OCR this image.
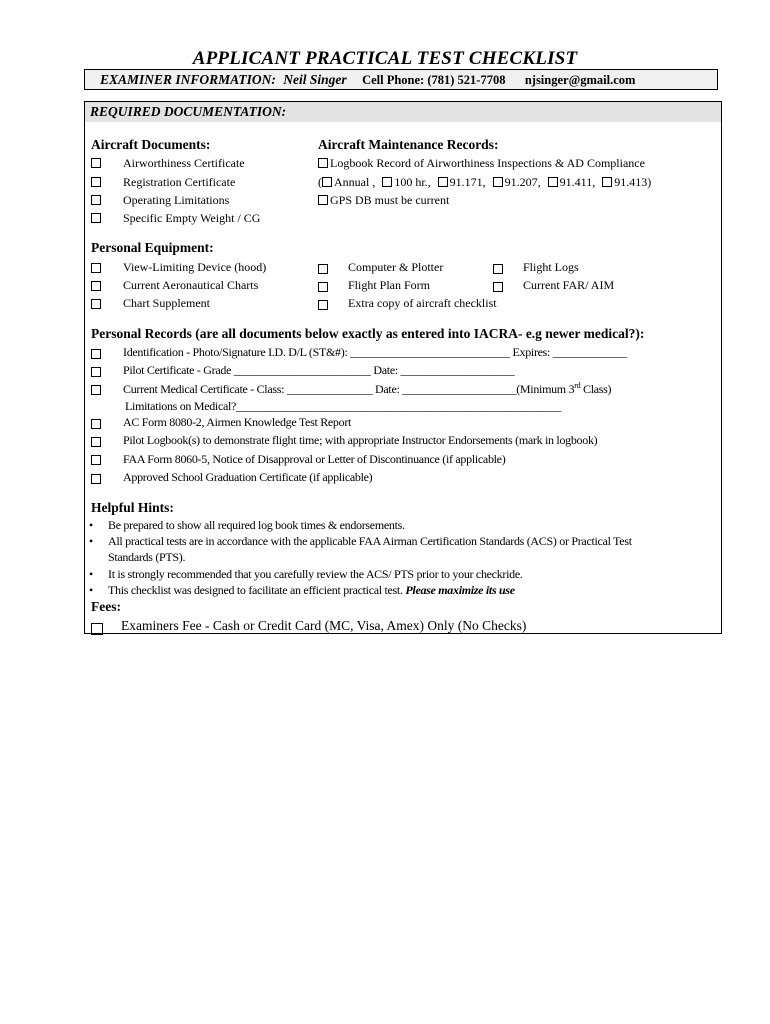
APPLICANT PRACTICAL TEST CHECKLIST
EXAMINER INFORMATION: Neil Singer Cell Phone: (781) 521-7708 njsinger@gmail.com
REQUIRED DOCUMENTATION:
Aircraft Documents:
Airworthiness Certificate
Registration Certificate
Operating Limitations
Specific Empty Weight / CG
Aircraft Maintenance Records:
Logbook Record of Airworthiness Inspections & AD Compliance
( Annual , 100 hr., 91.171, 91.207, 91.411, 91.413)
GPS DB must be current
Personal Equipment:
View-Limiting Device (hood)
Current Aeronautical Charts
Chart Supplement
Computer & Plotter
Flight Plan Form
Extra copy of aircraft checklist
Flight Logs
Current FAR/ AIM
Personal Records (are all documents below exactly as entered into IACRA- e.g newer medical?):
Identification - Photo/Signature I.D. D/L (ST&#): ____________________________ Expires: _____________
Pilot Certificate - Grade ________________________ Date: ____________________
Current Medical Certificate - Class: _______________ Date: ____________________(Minimum 3rd Class)
Limitations on Medical?_________________________________________________________
AC Form 8080-2, Airmen Knowledge Test Report
Pilot Logbook(s) to demonstrate flight time; with appropriate Instructor Endorsements (mark in logbook)
FAA Form 8060-5, Notice of Disapproval or Letter of Discontinuance (if applicable)
Approved School Graduation Certificate (if applicable)
Helpful Hints:
• Be prepared to show all required log book times & endorsements.
• All practical tests are in accordance with the applicable FAA Airman Certification Standards (ACS) or Practical Test
Standards (PTS).
• It is strongly recommended that you carefully review the ACS/ PTS prior to your checkride.
• This checklist was designed to facilitate an efficient practical test. Please maximize its use
Fees:
Examiners Fee - Cash or Credit Card (MC, Visa, Amex) Only (No Checks)
